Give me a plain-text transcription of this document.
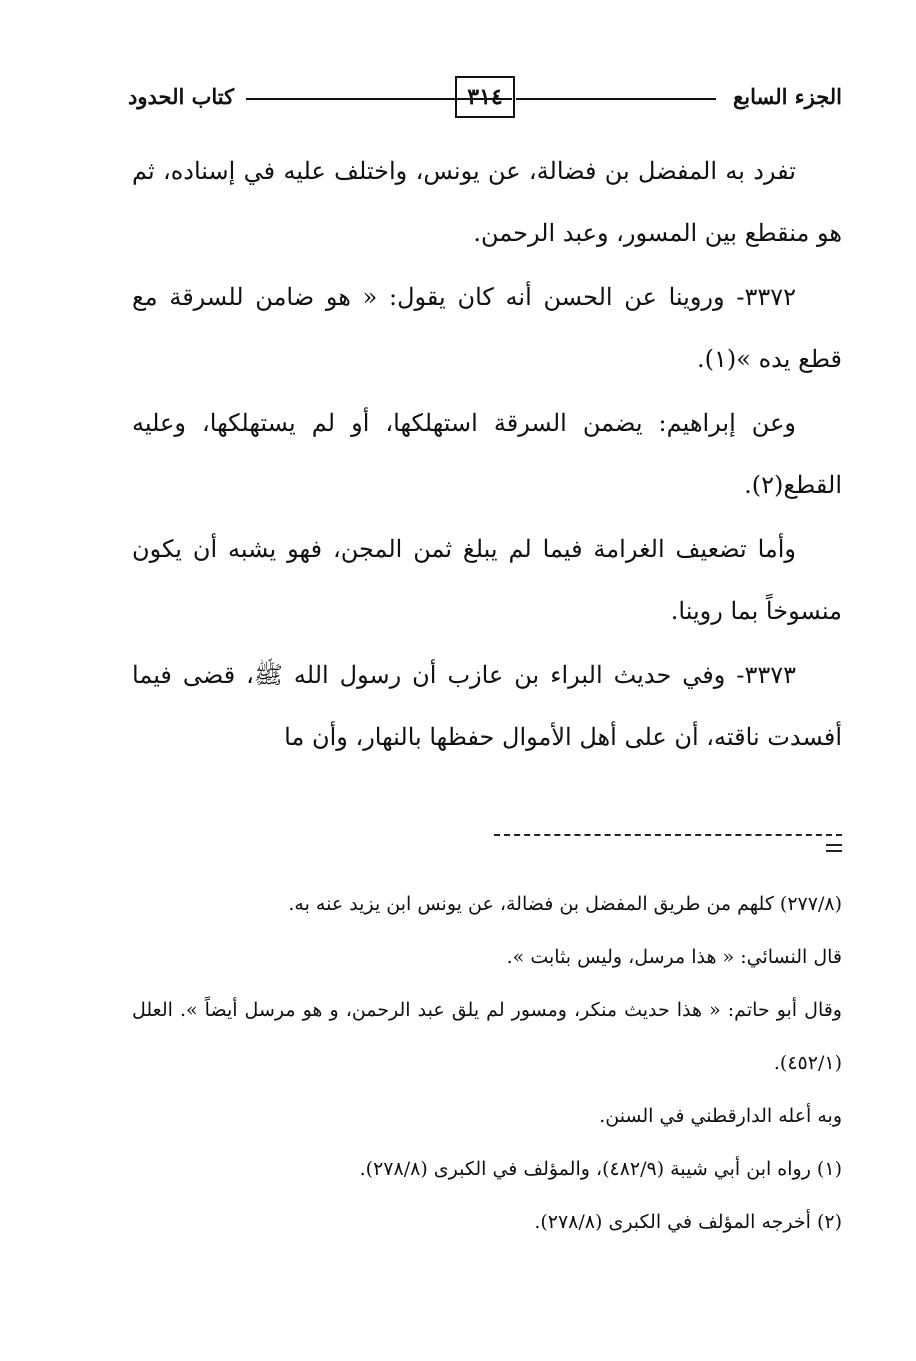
الجزء السابع
٣١٤
كتاب الحدود

تفرد به المفضل بن فضالة، عن يونس، واختلف عليه في إسناده، ثم هو منقطع بين المسور، وعبد الرحمن.

٣٣٧٢- وروينا عن الحسن أنه كان يقول: « هو ضامن للسرقة مع قطع يده »(١).

وعن إبراهيم: يضمن السرقة استهلكها، أو لم يستهلكها، وعليه القطع(٢).

وأما تضعيف الغرامة فيما لم يبلغ ثمن المجن، فهو يشبه أن يكون منسوخاً بما روينا.

٣٣٧٣- وفي حديث البراء بن عازب أن رسول الله ﷺ، قضى فيما أفسدت ناقته، أن على أهل الأموال حفظها بالنهار، وأن ما

(٢٧٧/٨) كلهم من طريق المفضل بن فضالة، عن يونس ابن يزيد عنه به.

قال النسائي: « هذا مرسل، وليس بثابت ».

وقال أبو حاتم: « هذا حديث منكر، ومسور لم يلق عبد الرحمن، و هو مرسل أيضاً ». العلل (٤٥٢/١).

وبه أعله الدارقطني في السنن.

(١) رواه ابن أبي شيبة (٤٨٢/٩)، والمؤلف في الكبرى (٢٧٨/٨).

(٢) أخرجه المؤلف في الكبرى (٢٧٨/٨).
